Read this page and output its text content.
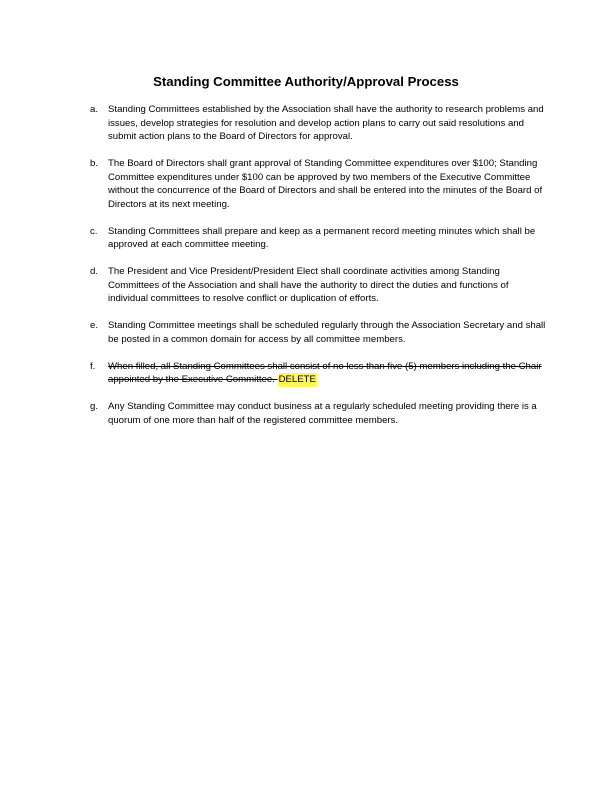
Standing Committee Authority/Approval Process
a. Standing Committees established by the Association shall have the authority to research problems and issues, develop strategies for resolution and develop action plans to carry out said resolutions and submit action plans to the Board of Directors for approval.
b. The Board of Directors shall grant approval of Standing Committee expenditures over $100; Standing Committee expenditures under $100 can be approved by two members of the Executive Committee without the concurrence of the Board of Directors and shall be entered into the minutes of the Board of Directors at its next meeting.
c. Standing Committees shall prepare and keep as a permanent record meeting minutes which shall be approved at each committee meeting.
d. The President and Vice President/President Elect shall coordinate activities among Standing Committees of the Association and shall have the authority to direct the duties and functions of individual committees to resolve conflict or duplication of efforts.
e. Standing Committee meetings shall be scheduled regularly through the Association Secretary and shall be posted in a common domain for access by all committee members.
f. When filled, all Standing Committees shall consist of no less than five (5) members including the Chair appointed by the Executive Committee. DELETE
g. Any Standing Committee may conduct business at a regularly scheduled meeting providing there is a quorum of one more than half of the registered committee members.
